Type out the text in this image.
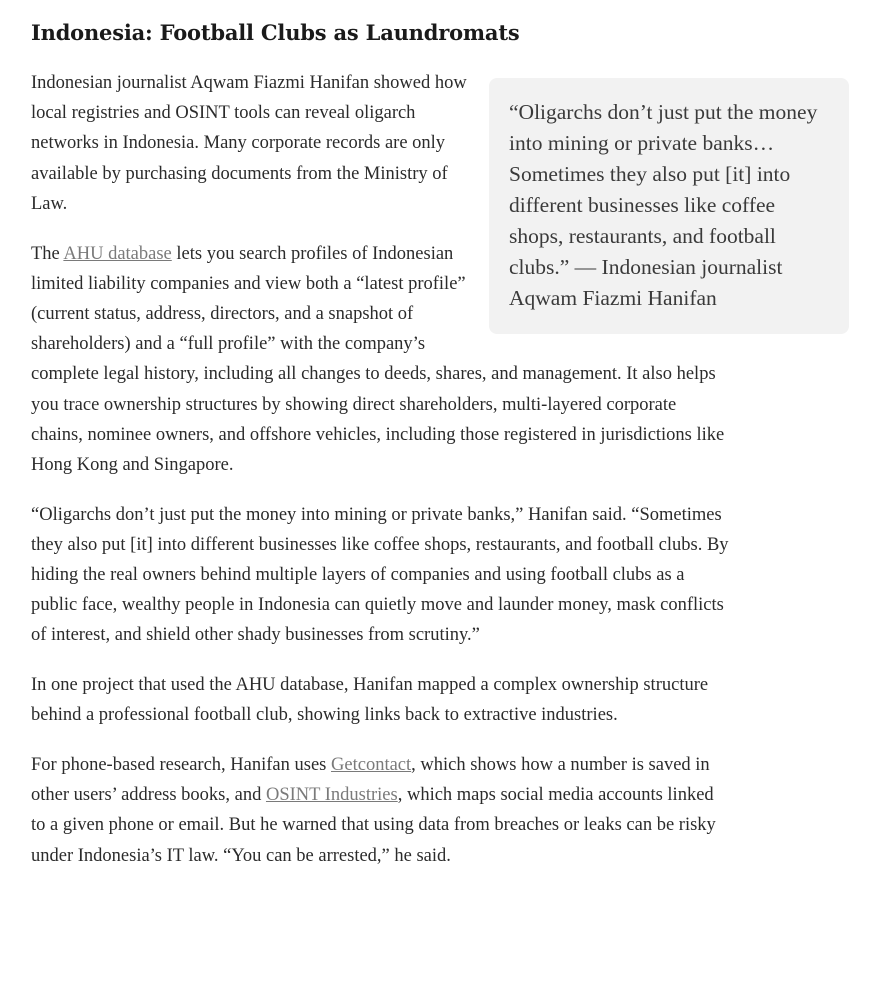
Indonesia: Football Clubs as Laundromats
“Oligarchs don’t just put the money into mining or private banks… Sometimes they also put [it] into different businesses like coffee shops, restaurants, and football clubs.” — Indonesian journalist Aqwam Fiazmi Hanifan

Indonesian journalist Aqwam Fiazmi Hanifan showed how local registries and OSINT tools can reveal oligarch networks in Indonesia. Many corporate records are only available by purchasing documents from the Ministry of Law.

The AHU database lets you search profiles of Indonesian limited liability companies and view both a “latest profile” (current status, address, directors, and a snapshot of shareholders) and a “full profile” with the company’s complete legal history, including all changes to deeds, shares, and management. It also helps you trace ownership structures by showing direct shareholders, multi-layered corporate chains, nominee owners, and offshore vehicles, including those registered in jurisdictions like Hong Kong and Singapore.

“Oligarchs don’t just put the money into mining or private banks,” Hanifan said. “Sometimes they also put [it] into different businesses like coffee shops, restaurants, and football clubs. By hiding the real owners behind multiple layers of companies and using football clubs as a public face, wealthy people in Indonesia can quietly move and launder money, mask conflicts of interest, and shield other shady businesses from scrutiny.”

In one project that used the AHU database, Hanifan mapped a complex ownership structure behind a professional football club, showing links back to extractive industries.

For phone-based research, Hanifan uses Getcontact, which shows how a number is saved in other users’ address books, and OSINT Industries, which maps social media accounts linked to a given phone or email. But he warned that using data from breaches or leaks can be risky under Indonesia’s IT law. “You can be arrested,” he said.
